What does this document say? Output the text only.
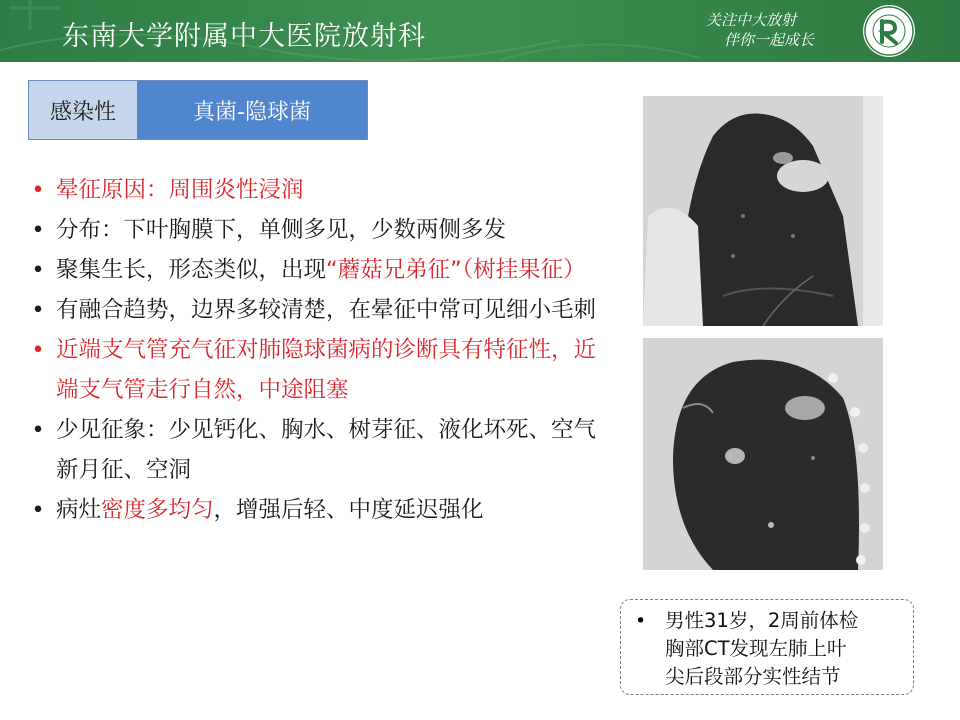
东南大学附属中大医院放射科
关注中大放射
伴你一起成长
感染性	真菌-隐球菌
• 晕征原因：周围炎性浸润
• 分布：下叶胸膜下，单侧多见，少数两侧多发
• 聚集生长，形态类似，出现“蘑菇兄弟征”（树挂果征）
• 有融合趋势，边界多较清楚，在晕征中常可见细小毛刺
• 近端支气管充气征对肺隐球菌病的诊断具有特征性，近端支气管走行自然，中途阻塞
• 少见征象：少见钙化、胸水、树芽征、液化坏死、空气新月征、空洞
• 病灶密度多均匀，增强后轻、中度延迟强化
• 男性31岁，2周前体检
胸部CT发现左肺上叶
尖后段部分实性结节
